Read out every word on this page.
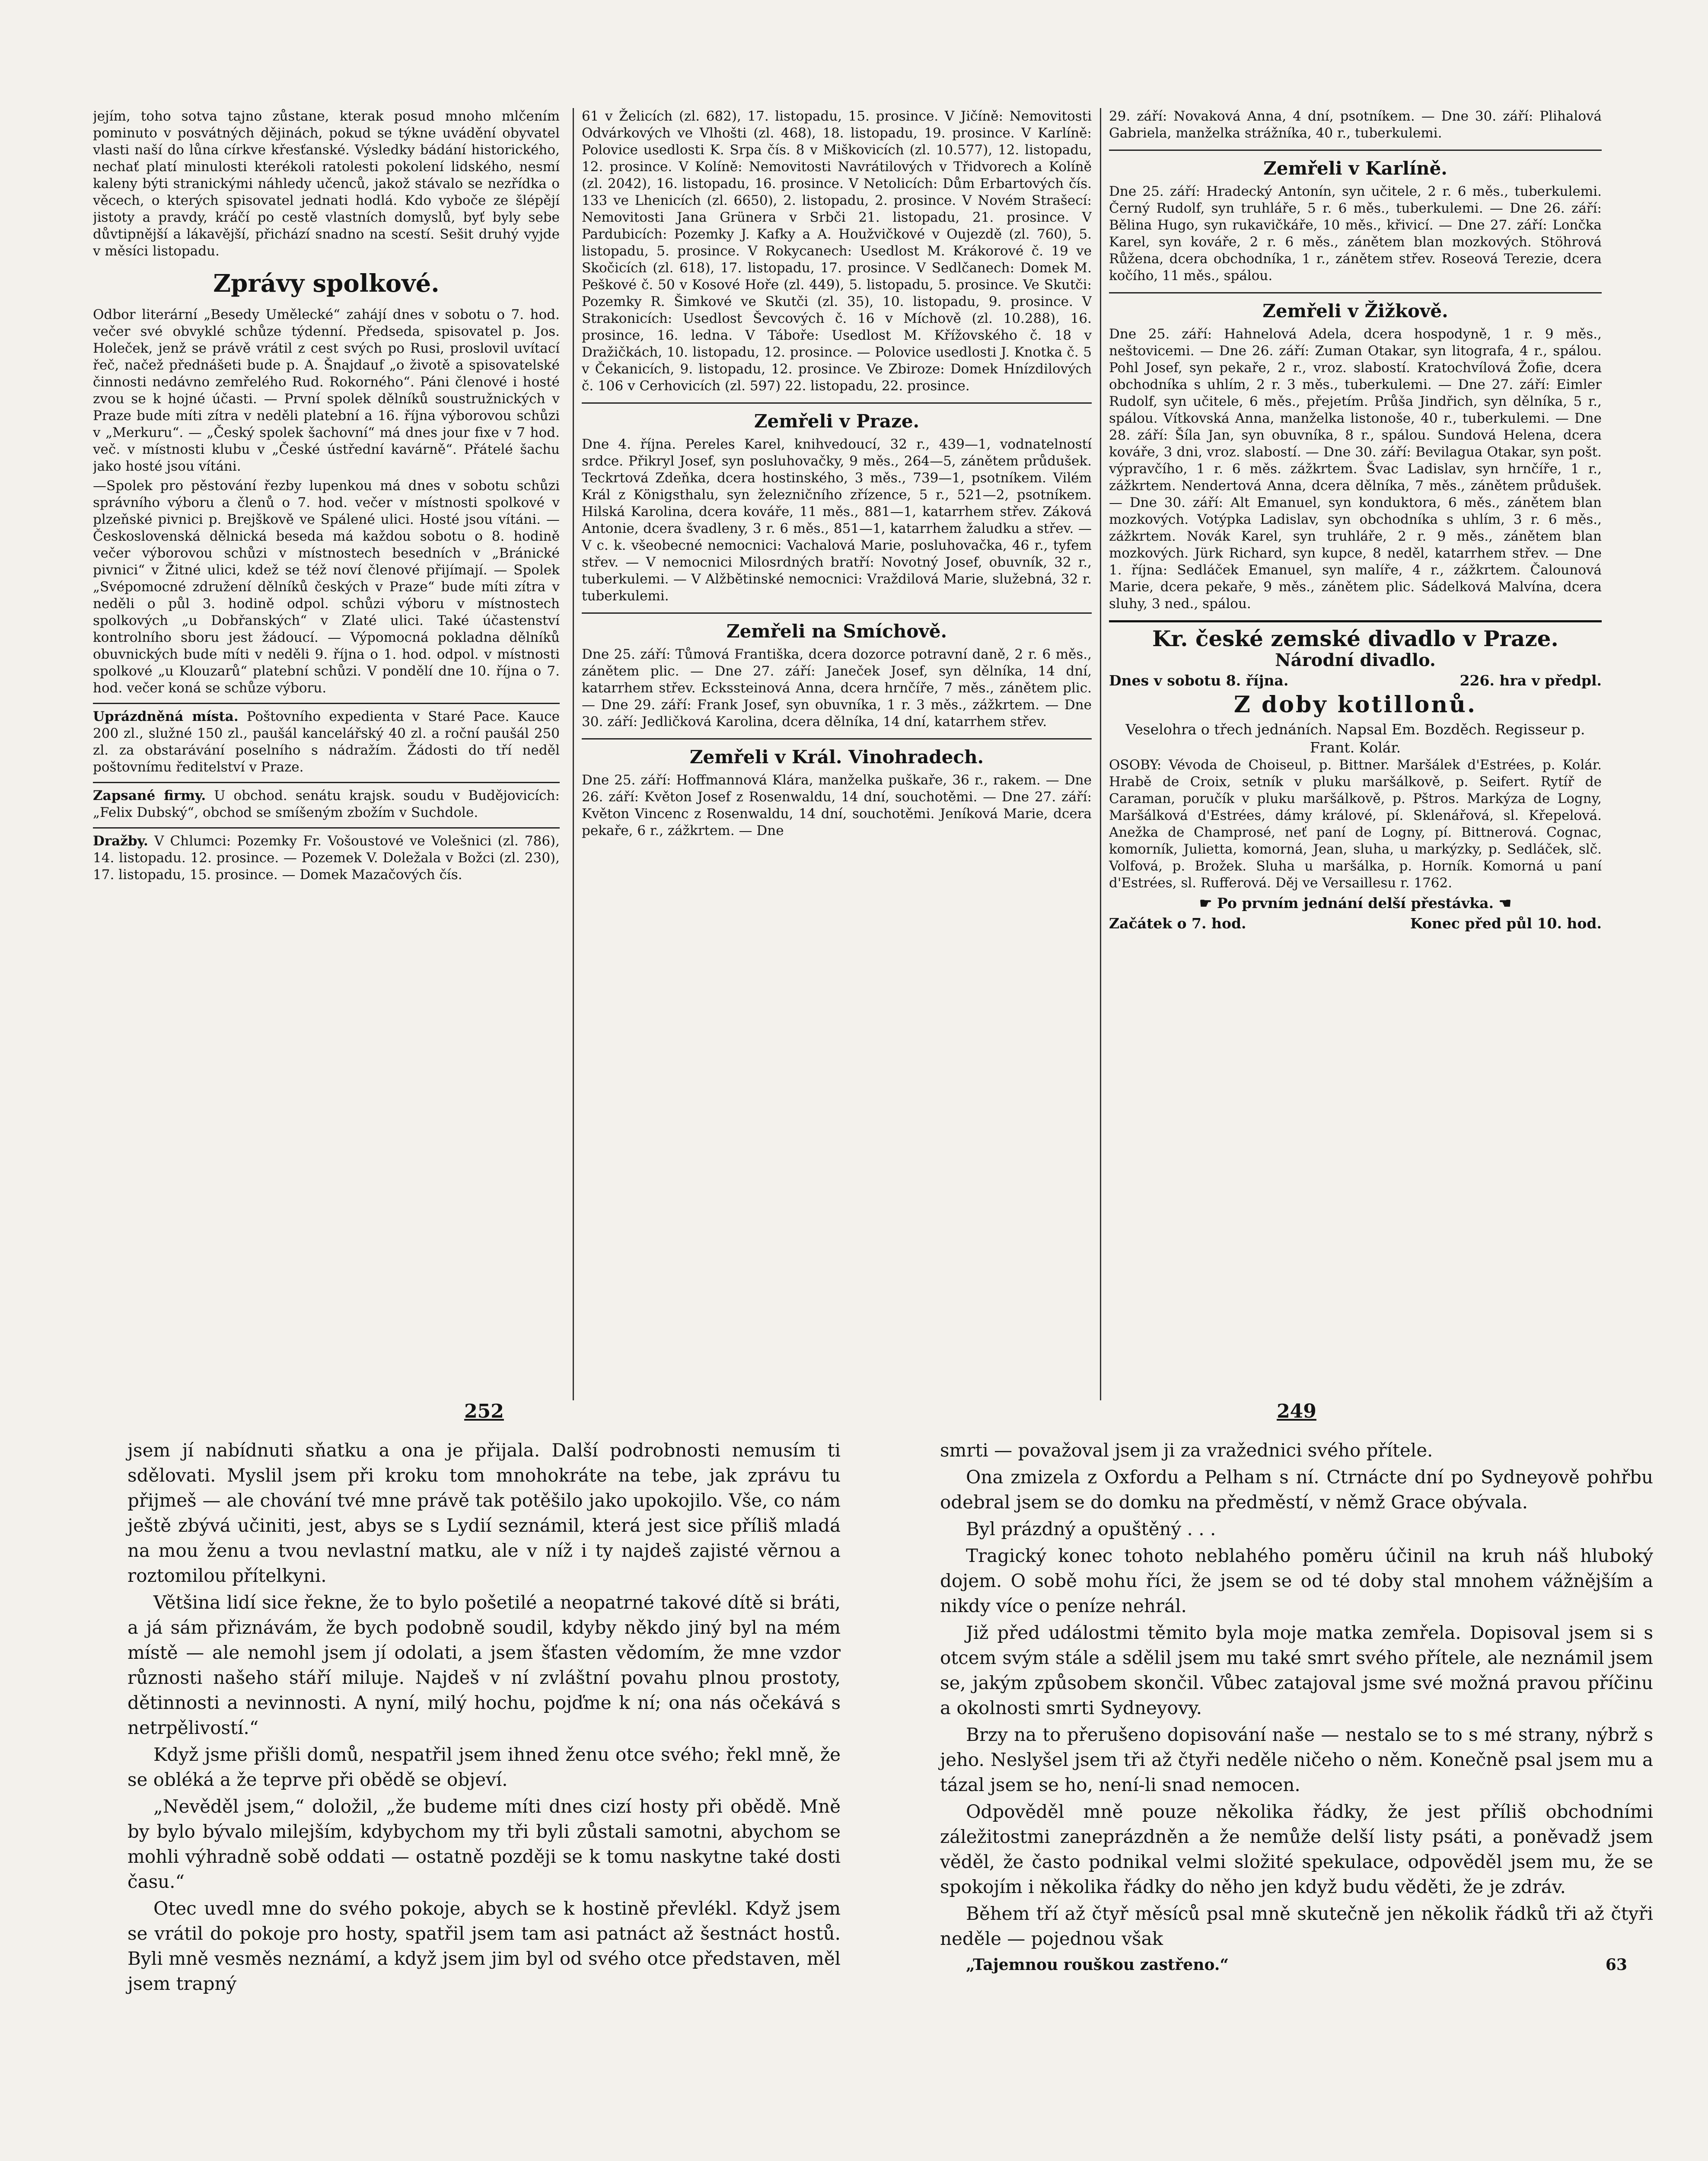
jejím, toho sotva tajno zůstane, kterak posud mnoho mlčením pominuto v posvátných dějinách, pokud se týkne uvádění obyvatel vlasti naší do lůna církve křesťanské. Výsledky bádání historického, nechať platí minulosti kterékoli ratolesti pokolení lidského, nesmí kaleny býti stranickými náhledy učenců, jakož stávalo se nezřídka o věcech, o kterých spisovatel jednati hodlá. Kdo vyboče ze šlépějí jistoty a pravdy, kráčí po cestě vlastních domyslů, byť byly sebe důvtipnější a lákavější, přichází snadno na scestí. Sešit druhý vyjde v měsíci listopadu.

Zprávy spolkové.

Odbor literární „Besedy Umělecké“ zahájí dnes v sobotu o 7. hod. večer své obvyklé schůze týdenní. Předseda, spisovatel p. Jos. Holeček, jenž se právě vrátil z cest svých po Rusi, proslovil uvítací řeč, načež přednášeti bude p. A. Šnajdauf „o životě a spisovatelské činnosti nedávno zemřelého Rud. Rokorného“. Páni členové i hosté zvou se k hojné účasti. — První spolek dělníků soustružnických v Praze bude míti zítra v neděli platební a 16. října výborovou schůzi v „Merkuru“. — „Český spolek šachovní“ má dnes jour fixe v 7 hod. več. v místnosti klubu v „České ústřední kavárně“. Přátelé šachu jako hosté jsou vítáni.

—Spolek pro pěstování řezby lupenkou má dnes v sobotu schůzi správního výboru a členů o 7. hod. večer v místnosti spolkové v plzeňské pivnici p. Brejškově ve Spálené ulici. Hosté jsou vítáni. — Československá dělnická beseda má každou sobotu o 8. hodině večer výborovou schůzi v místnostech besedních v „Bránické pivnici“ v Žitné ulici, kdež se též noví členové přijímají. — Spolek „Svépomocné združení dělníků českých v Praze“ bude míti zítra v neděli o půl 3. hodině odpol. schůzi výboru v místnostech spolkových „u Dobřanských“ v Zlaté ulici. Také účastenství kontrolního sboru jest žádoucí. — Výpomocná pokladna dělníků obuvnických bude míti v neděli 9. října o 1. hod. odpol. v místnosti spolkové „u Klouzarů“ platební schůzi. V pondělí dne 10. října o 7. hod. večer koná se schůze výboru.

Uprázdněná místa. Poštovního expedienta v Staré Pace. Kauce 200 zl., služné 150 zl., paušál kancelářský 40 zl. a roční paušál 250 zl. za obstarávání poselního s nádražím. Žádosti do tří neděl poštovnímu ředitelství v Praze.

Zapsané firmy. U obchod. senátu krajsk. soudu v Budějovicích: „Felix Dubský“, obchod se smíšeným zbožím v Suchdole.

Dražby. V Chlumci: Pozemky Fr. Vošoustové ve Volešnici (zl. 786), 14. listopadu. 12. prosince. — Pozemek V. Doležala v Božci (zl. 230), 17. listopadu, 15. prosince. — Domek Mazačových čís.

61 v Želicích (zl. 682), 17. listopadu, 15. prosince. V Jičíně: Nemovitosti Odvárkových ve Vlhošti (zl. 468), 18. listopadu, 19. prosince. V Karlíně: Polovice usedlosti K. Srpa čís. 8 v Miškovicích (zl. 10.577), 12. listopadu, 12. prosince. V Kolíně: Nemovitosti Navrátilových v Třidvorech a Kolíně (zl. 2042), 16. listopadu, 16. prosince. V Netolicích: Dům Erbartových čís. 133 ve Lhenicích (zl. 6650), 2. listopadu, 2. prosince. V Novém Strašecí: Nemovitosti Jana Grünera v Srbči 21. listopadu, 21. prosince. V Pardubicích: Pozemky J. Kafky a A. Houžvičkové v Oujezdě (zl. 760), 5. listopadu, 5. prosince. V Rokycanech: Usedlost M. Krákorové č. 19 ve Skočicích (zl. 618), 17. listopadu, 17. prosince. V Sedlčanech: Domek M. Peškové č. 50 v Kosové Hoře (zl. 449), 5. listopadu, 5. prosince. Ve Skutči: Pozemky R. Šimkové ve Skutči (zl. 35), 10. listopadu, 9. prosince. V Strakonicích: Usedlost Ševcových č. 16 v Míchově (zl. 10.288), 16. prosince, 16. ledna. V Táboře: Usedlost M. Křížovského č. 18 v Dražičkách, 10. listopadu, 12. prosince. — Polovice usedlosti J. Knotka č. 5 v Čekanicích, 9. listopadu, 12. prosince. Ve Zbiroze: Domek Hnízdilových č. 106 v Cerhovicích (zl. 597) 22. listopadu, 22. prosince.

Zemřeli v Praze.

Dne 4. října. Pereles Karel, knihvedoucí, 32 r., 439—1, vodnatelností srdce. Přikryl Josef, syn posluhovačky, 9 měs., 264—5, zánětem průdušek. Teckrtová Zdeňka, dcera hostinského, 3 měs., 739—1, psotníkem. Vilém Král z Königsthalu, syn železničního zřízence, 5 r., 521—2, psotníkem. Hilská Karolina, dcera kováře, 11 měs., 881—1, katarrhem střev. Záková Antonie, dcera švadleny, 3 r. 6 měs., 851—1, katarrhem žaludku a střev. — V c. k. všeobecné nemocnici: Vachalová Marie, posluhovačka, 46 r., tyfem střev. — V nemocnici Milosrdných bratří: Novotný Josef, obuvník, 32 r., tuberkulemi. — V Alžbětinské nemocnici: Vraždilová Marie, služebná, 32 r. tuberkulemi.

Zemřeli na Smíchově.

Dne 25. září: Tůmová Františka, dcera dozorce potravní daně, 2 r. 6 měs., zánětem plic. — Dne 27. září: Janeček Josef, syn dělníka, 14 dní, katarrhem střev. Eckssteinová Anna, dcera hrnčíře, 7 měs., zánětem plic. — Dne 29. září: Frank Josef, syn obuvníka, 1 r. 3 měs., zážkrtem. — Dne 30. září: Jedličková Karolina, dcera dělníka, 14 dní, katarrhem střev.

Zemřeli v Král. Vinohradech.

Dne 25. září: Hoffmannová Klára, manželka puškaře, 36 r., rakem. — Dne 26. září: Květon Josef z Rosenwaldu, 14 dní, souchotěmi. — Dne 27. září: Květon Vincenc z Rosenwaldu, 14 dní, souchotěmi. Jeníková Marie, dcera pekaře, 6 r., zážkrtem. — Dne

29. září: Novaková Anna, 4 dní, psotníkem. — Dne 30. září: Plihalová Gabriela, manželka strážníka, 40 r., tuberkulemi.

Zemřeli v Karlíně.

Dne 25. září: Hradecký Antonín, syn učitele, 2 r. 6 měs., tuberkulemi. Černý Rudolf, syn truhláře, 5 r. 6 měs., tuberkulemi. — Dne 26. září: Bělina Hugo, syn rukavičkáře, 10 měs., křivicí. — Dne 27. září: Lončka Karel, syn kováře, 2 r. 6 měs., zánětem blan mozkových. Stöhrová Růžena, dcera obchodníka, 1 r., zánětem střev. Roseová Terezie, dcera kočího, 11 měs., spálou.

Zemřeli v Žižkově.

Dne 25. září: Hahnelová Adela, dcera hospodyně, 1 r. 9 měs., neštovicemi. — Dne 26. září: Zuman Otakar, syn litografa, 4 r., spálou. Pohl Josef, syn pekaře, 2 r., vroz. slabostí. Kratochvílová Žofie, dcera obchodníka s uhlím, 2 r. 3 měs., tuberkulemi. — Dne 27. září: Eimler Rudolf, syn učitele, 6 měs., přejetím. Průša Jindřich, syn dělníka, 5 r., spálou. Vítkovská Anna, manželka listonoše, 40 r., tuberkulemi. — Dne 28. září: Šíla Jan, syn obuvníka, 8 r., spálou. Sundová Helena, dcera kováře, 3 dni, vroz. slabostí. — Dne 30. září: Bevilagua Otakar, syn pošt. výpravčího, 1 r. 6 měs. zážkrtem. Švac Ladislav, syn hrnčíře, 1 r., zážkrtem. Nendertová Anna, dcera dělníka, 7 měs., zánětem průdušek. — Dne 30. září: Alt Emanuel, syn konduktora, 6 měs., zánětem blan mozkových. Votýpka Ladislav, syn obchodníka s uhlím, 3 r. 6 měs., zážkrtem. Novák Karel, syn truhláře, 2 r. 9 měs., zánětem blan mozkových. Jürk Richard, syn kupce, 8 neděl, katarrhem střev. — Dne 1. října: Sedláček Emanuel, syn malíře, 4 r., zážkrtem. Čalounová Marie, dcera pekaře, 9 měs., zánětem plic. Sádelková Malvína, dcera sluhy, 3 ned., spálou.

Kr. české zemské divadlo v Praze.
Národní divadlo.
Dnes v sobotu 8. října.	226. hra v předpl.
Z doby kotillonů.
Veselohra o třech jednáních. Napsal Em. Bozděch. Regisseur p. Frant. Kolár.

OSOBY: Vévoda de Choiseul, p. Bittner. Maršálek d'Estrées, p. Kolár. Hrabě de Croix, setník v pluku maršálkově, p. Seifert. Rytíř de Caraman, poručík v pluku maršálkově, p. Pštros. Markýza de Logny, Maršálková d'Estrées, dámy králové, pí. Sklenářová, sl. Křepelová. Anežka de Champrosé, neť paní de Logny, pí. Bittnerová. Cognac, komorník, Julietta, komorná, Jean, sluha, u markýzky, p. Sedláček, slč. Volfová, p. Brožek. Sluha u maršálka, p. Horník. Komorná u paní d'Estrées, sl. Rufferová. Děj ve Versaillesu r. 1762.

☛ Po prvním jednání delší přestávka. ☚
Začátek o 7. hod.	Konec před půl 10. hod.
252

jsem jí nabídnuti sňatku a ona je přijala. Další podrobnosti nemusím ti sdělovati. Myslil jsem při kroku tom mnohokráte na tebe, jak zprávu tu přijmeš — ale chování tvé mne právě tak potěšilo jako upokojilo. Vše, co nám ještě zbývá učiniti, jest, abys se s Lydií seznámil, která jest sice příliš mladá na mou ženu a tvou nevlastní matku, ale v níž i ty najdeš zajisté věrnou a roztomilou přítelkyni.

Většina lidí sice řekne, že to bylo pošetilé a neopatrné takové dítě si bráti, a já sám přiznávám, že bych podobně soudil, kdyby někdo jiný byl na mém místě — ale nemohl jsem jí odolati, a jsem šťasten vědomím, že mne vzdor různosti našeho stáří miluje. Najdeš v ní zvláštní povahu plnou prostoty, dětinnosti a nevinnosti. A nyní, milý hochu, pojďme k ní; ona nás očekává s netrpělivostí.“

Když jsme přišli domů, nespatřil jsem ihned ženu otce svého; řekl mně, že se obléká a že teprve při obědě se objeví.

„Nevěděl jsem,“ doložil, „že budeme míti dnes cizí hosty při obědě. Mně by bylo bývalo milejším, kdybychom my tři byli zůstali samotni, abychom se mohli výhradně sobě oddati — ostatně později se k tomu naskytne také dosti času.“

Otec uvedl mne do svého pokoje, abych se k hostině převlékl. Když jsem se vrátil do pokoje pro hosty, spatřil jsem tam asi patnáct až šestnáct hostů. Byli mně vesměs neznámí, a když jsem jim byl od svého otce představen, měl jsem trapný

249

smrti — považoval jsem ji za vražednici svého přítele.

Ona zmizela z Oxfordu a Pelham s ní. Ctrnácte dní po Sydneyově pohřbu odebral jsem se do domku na předměstí, v němž Grace obývala.

Byl prázdný a opuštěný . . .

Tragický konec tohoto neblahého poměru účinil na kruh náš hluboký dojem. O sobě mohu říci, že jsem se od té doby stal mnohem vážnějším a nikdy více o peníze nehrál.

Již před událostmi těmito byla moje matka zemřela. Dopisoval jsem si s otcem svým stále a sdělil jsem mu také smrt svého přítele, ale neznámil jsem se, jakým způsobem skončil. Vůbec zatajoval jsme své možná pravou příčinu a okolnosti smrti Sydneyovy.

Brzy na to přerušeno dopisování naše — nestalo se to s mé strany, nýbrž s jeho. Neslyšel jsem tři až čtyři neděle ničeho o něm. Konečně psal jsem mu a tázal jsem se ho, není-li snad nemocen.

Odpověděl mně pouze několika řádky, že jest příliš obchodními záležitostmi zaneprázdněn a že nemůže delší listy psáti, a poněvadž jsem věděl, že často podnikal velmi složité spekulace, odpověděl jsem mu, že se spokojím i několika řádky do něho jen když budu věděti, že je zdráv.

Během tří až čtyř měsíců psal mně skutečně jen několik řádků tři až čtyři neděle — pojednou však

„Tajemnou rouškou zastřeno.“	63
